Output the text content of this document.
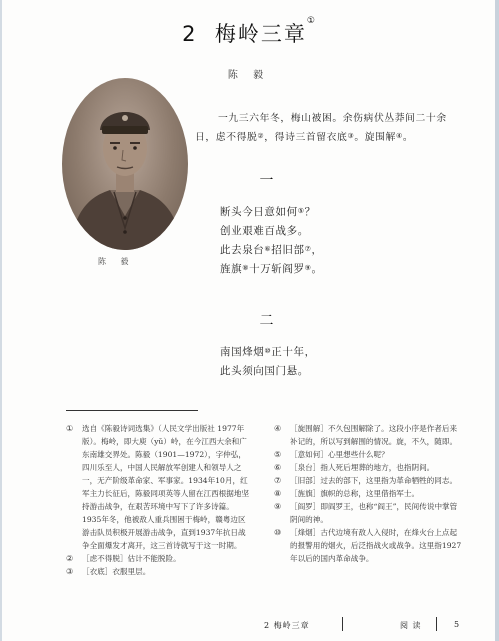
2 梅岭三章①
陈 毅
陈 毅

一九三六年冬，梅山被困。余伤病伏丛莽间二十余日，虑不得脱②，得诗三首留衣底③。旋围解④。

一
断头今日意如何⑤？
创业艰难百战多。
此去泉台⑥招旧部⑦，
旌旗⑧十万斩阎罗⑨。
二
南国烽烟⑩正十年，
此头须向国门悬。
①	选自《陈毅诗词选集》（人民文学出版社 1977年版）。梅岭，即大庾（yǔ）岭，在今江西大余和广东南雄交界处。陈毅（1901—1972），字仲弘，四川乐至人，中国人民解放军创建人和领导人之一，无产阶级革命家、军事家。1934年10月，红军主力长征后，陈毅同项英等人留在江西根据地坚持游击战争，在艰苦环境中写下了许多诗篇。1935年冬，他被敌人重兵围困于梅岭，赣粤边区游击队员积极开展游击战争，直到1937年抗日战争全面爆发才离开，这三首诗就写于这一时期。
②	［虑不得脱］估计不能脱险。
③	［衣底］衣服里层。
④	［旋围解］不久包围解除了。这段小序是作者后来补记的，所以写到解围的情况。旋，不久，随即。
⑤	［意如何］心里想些什么呢？
⑥	［泉台］指人死后埋葬的地方，也指阴间。
⑦	［旧部］过去的部下，这里指为革命牺牲的同志。
⑧	［旌旗］旗帜的总称，这里借指军士。
⑨	［阎罗］即阎罗王，也称“阎王”，民间传说中掌管阴间的神。
⑩	［烽烟］古代边境有敌人入侵时，在烽火台上点起的报警用的烟火，后泛指战火或战争。这里指1927年以后的国内革命战争。
2 梅岭三章	阅 读	5
